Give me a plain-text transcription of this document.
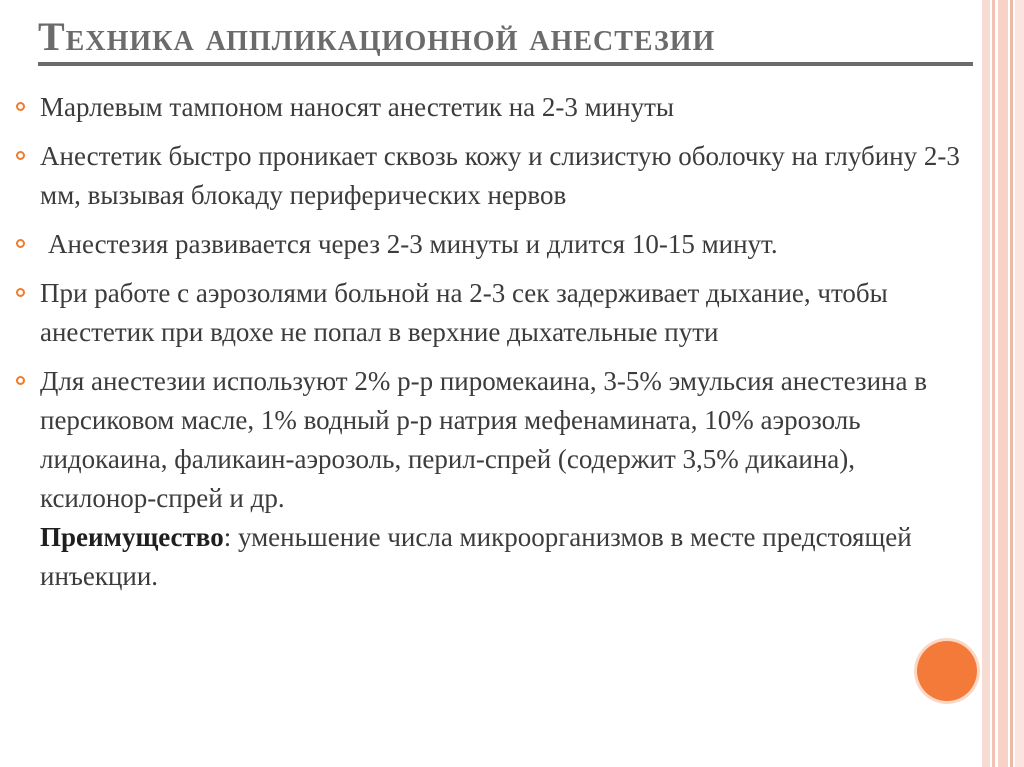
Техника аппликационной анестезии
Марлевым тампоном наносят анестетик на 2-3 минуты
Анестетик быстро проникает сквозь кожу и слизистую оболочку на глубину 2-3 мм, вызывая блокаду периферических нервов
Анестезия развивается через 2-3 минуты и длится 10-15 минут.
При работе с аэрозолями больной на 2-3 сек задерживает дыхание, чтобы анестетик при вдохе не попал в верхние дыхательные пути
Для анестезии используют 2% р-р пиромекаина, 3-5% эмульсия анестезина в персиковом масле, 1% водный р-р натрия мефенамината, 10% аэрозоль лидокаина, фаликаин-аэрозоль, перил-спрей (содержит 3,5% дикаина), ксилонор-спрей и др.
Преимущество: уменьшение числа микроорганизмов в месте предстоящей инъекции.
